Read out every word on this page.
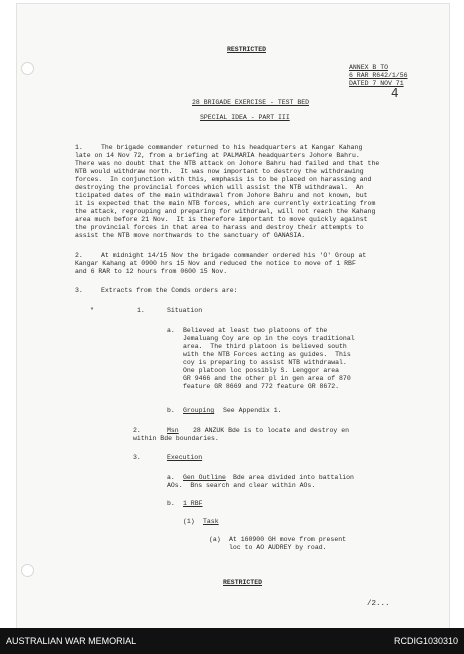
RESTRICTED
ANNEX B TO
6 RAR R642/1/56
DATED 7 NOV 71
4
28 BRIGADE EXERCISE - TEST BED
SPECIAL IDEA - PART III
1.	The brigade commander returned to his headquarters at Kangar Kahang
late on 14 Nov 72, from a briefing at PALMARIA headquarters Johore Bahru.
There was no doubt that the NTB attack on Johore Bahru had failed and that the
NTB would withdraw north.  It was now important to destroy the withdrawing
forces.  In conjunction with this, emphasis is to be placed on harassing and
destroying the provincial forces which will assist the NTB withdrawal.  An
ticipated dates of the main withdrawal from Johore Bahru and not known, but
it is expected that the main NTB forces, which are currently extricating from
the attack, regrouping and preparing for withdrawl, will not reach the Kahang
area much before 21 Nov.  It is therefore important to move quickly against
the provincial forces in that area to harass and destroy their attempts to
assist the NTB move northwards to the sanctuary of GANASIA.
2.	At midnight 14/15 Nov the brigade commander ordered his 'O' Group at
Kangar Kahang at 0900 hrs 15 Nov and reduced the notice to move of 1 RBF
and 6 RAR to 12 hours from 0600 15 Nov.
3.	Extracts from the Comds orders are:
"	1.	Situation
a. Believed at least two platoons of the
Jemaluang Coy are op in the coys traditional
area.  The third platoon is believed south
with the NTB Forces acting as guides.  This
coy is preparing to assist NTB withdrawal.
One platoon loc possibly S. Lenggor area
GR 9466 and the other pl in gen area of 870
feature GR 8669 and 772 feature GR 8672.
b. Grouping See Appendix 1.
2.	Msn 28 ANZUK Bde is to locate and destroy en
within Bde boundaries.
3.	Execution
a. Gen Outline Bde area divided into battalion
AOs.  Bns search and clear within AOs.
b. 1 RBF
(1) Task
(a) At 160900 GH move from present
loc to AO AUDREY by road.
RESTRICTED
/2...
AUSTRALIAN WAR MEMORIAL	RCDIG1030310
